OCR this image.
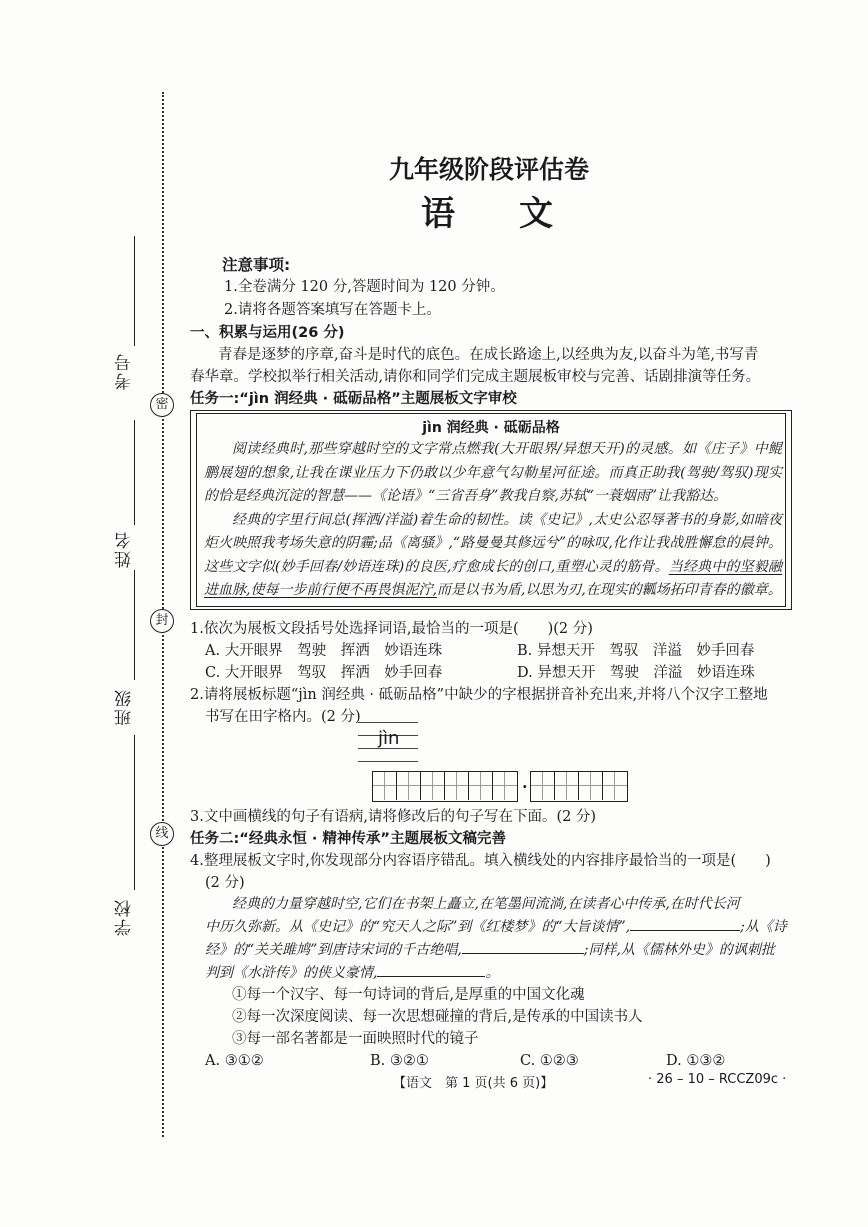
密
封
线
考号
姓名
班级
学校
九年级阶段评估卷
语文
注意事项:
1.全卷满分 120 分,答题时间为 120 分钟。
2.请将各题答案填写在答题卡上。
一、积累与运用(26 分)
青春是逐梦的序章,奋斗是时代的底色。在成长路途上,以经典为友,以奋斗为笔,书写青
春华章。学校拟举行相关活动,请你和同学们完成主题展板审校与完善、话剧排演等任务。
任务一:“jìn 润经典 · 砥砺品格”主题展板文字审校
jìn 润经典 · 砥砺品格

阅读经典时,那些穿越时空的文字常点燃我(大开眼界/异想天开)的灵感。如《庄子》中鲲鹏展翅的想象,让我在课业压力下仍敢以少年意气勾勒星河征途。而真正助我(驾驶/驾驭)现实的恰是经典沉淀的智慧——《论语》“三省吾身”教我自察,苏轼“一蓑烟雨”让我豁达。

经典的字里行间总(挥洒/洋溢)着生命的韧性。读《史记》,太史公忍辱著书的身影,如暗夜炬火映照我考场失意的阴霾;品《离骚》,“路曼曼其修远兮”的咏叹,化作让我战胜懈怠的晨钟。这些文字似(妙手回春/妙语连珠)的良医,疗愈成长的创口,重塑心灵的筋骨。当经典中的坚毅融进血脉,使每一步前行便不再畏惧泥泞,而是以书为盾,以思为刃,在现实的瓤场拓印青春的徽章。

1.依次为展板文段括号处选择词语,最恰当的一项是(　　)(2 分)
A. 大开眼界　驾驶　挥洒　妙语连珠	B. 异想天开　驾驭　洋溢　妙手回春
C. 大开眼界　驾驭　挥洒　妙手回春	D. 异想天开　驾驶　洋溢　妙语连珠
2.请将展板标题“jìn 润经典 · 砥砺品格”中缺少的字根据拼音补充出来,并将八个汉字工整地
书写在田字格内。(2 分)
jìn
·
3.文中画横线的句子有语病,请将修改后的句子写在下面。(2 分)
任务二:“经典永恒 · 精神传承”主题展板文稿完善
4.整理展板文字时,你发现部分内容语序错乱。填入横线处的内容排序最恰当的一项是(　　)
(2 分)
经典的力量穿越时空,它们在书架上矗立,在笔墨间流淌,在读者心中传承,在时代长河
中历久弥新。从《史记》的“究天人之际”到《红楼梦》的“大旨谈情”,	;从《诗
经》的“关关雎鸠”到唐诗宋词的千古绝唱,	;同样,从《儒林外史》的讽刺批
判到《水浒传》的侠义豪情,	。
①每一个汉字、每一句诗词的背后,是厚重的中国文化魂
②每一次深度阅读、每一次思想碰撞的背后,是传承的中国读书人
③每一部名著都是一面映照时代的镜子
A. ③①②	B. ③②①	C. ①②③	D. ①③②
【语文　第 1 页(共 6 页)】	· 26 – 10 – RCCZ09c ·
